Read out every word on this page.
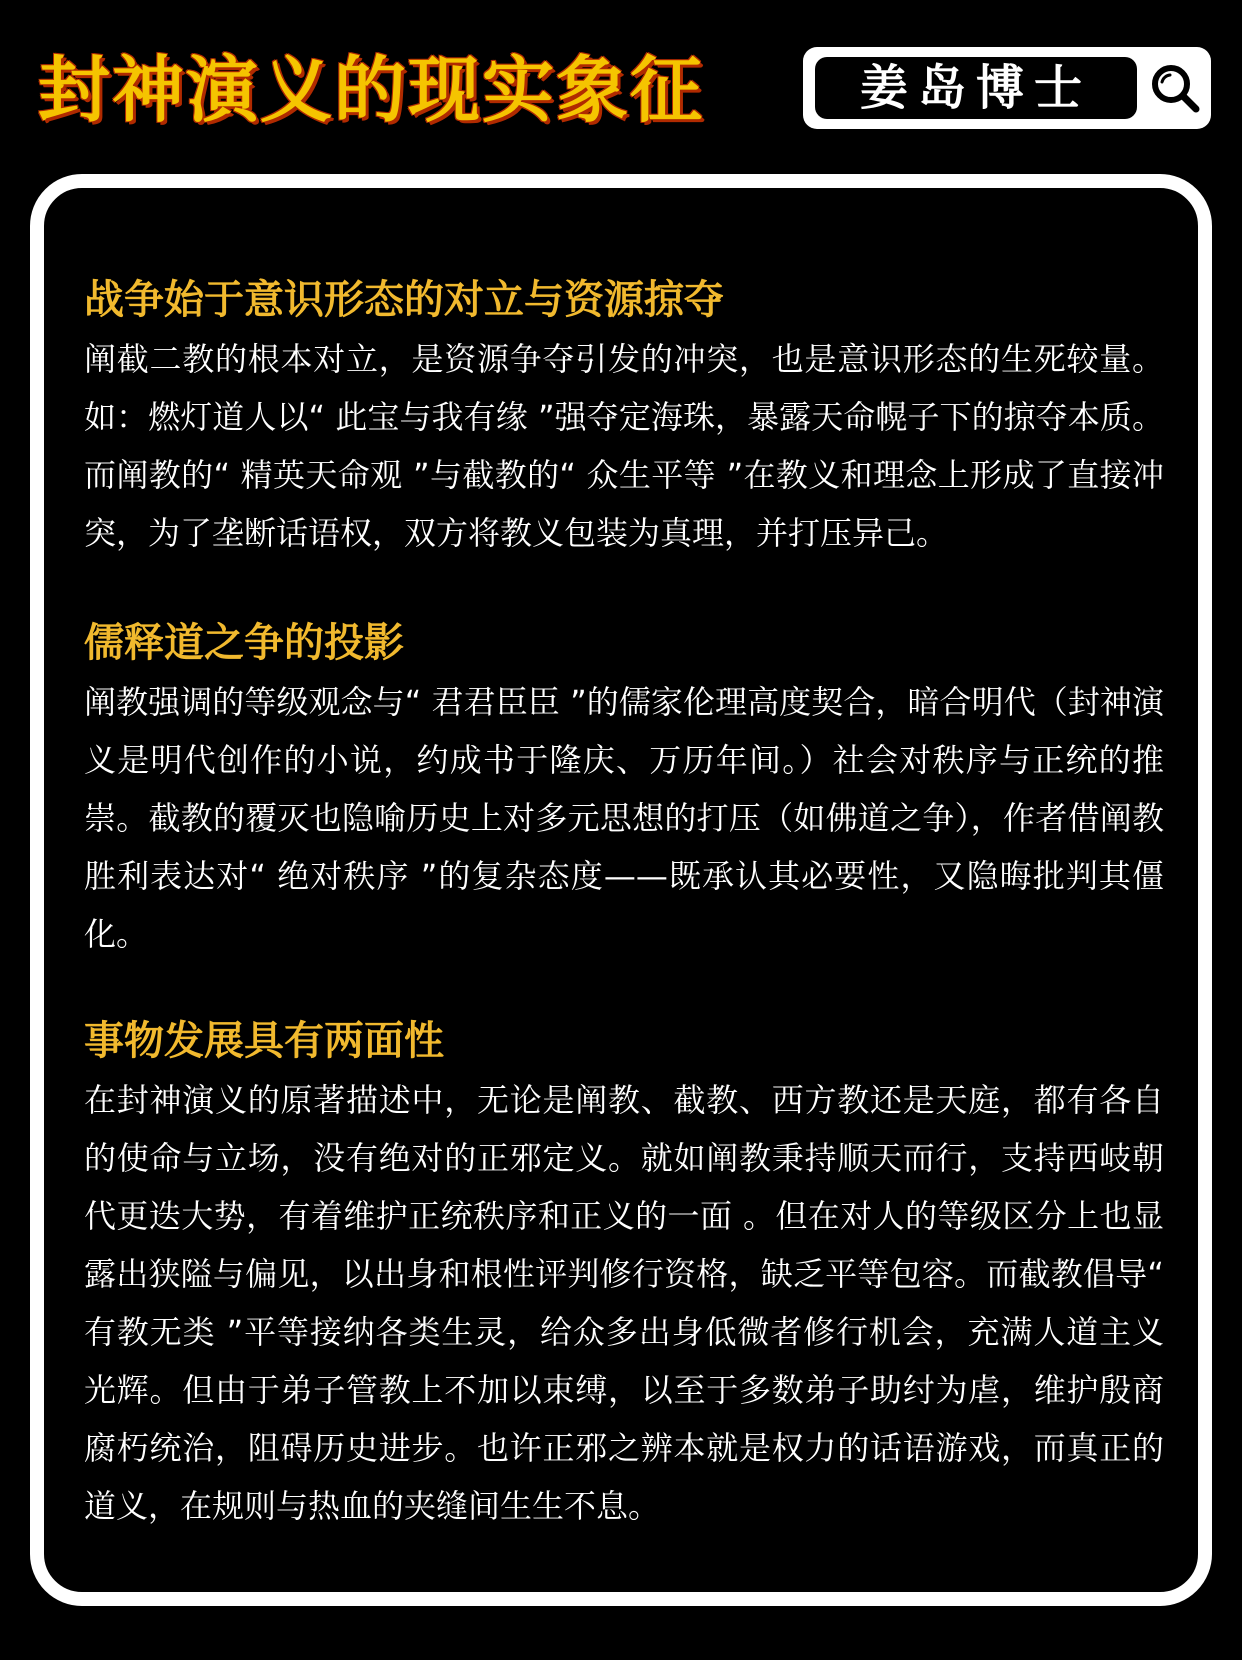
封神演义的现实象征	姜岛博士
战争始于意识形态的对立与资源掠夺

阐截二教的根本对立，是资源争夺引发的冲突，也是意识形态的生死较量。如：燃灯道人以“ 此宝与我有缘 ”强夺定海珠，暴露天命幌子下的掠夺本质。而阐教的“ 精英天命观 ”与截教的“ 众生平等 ”在教义和理念上形成了直接冲突，为了垄断话语权，双方将教义包装为真理，并打压异己。

儒释道之争的投影

阐教强调的等级观念与“ 君君臣臣 ”的儒家伦理高度契合，暗合明代（封神演义是明代创作的小说，约成书于隆庆、万历年间。）社会对秩序与正统的推崇。截教的覆灭也隐喻历史上对多元思想的打压（如佛道之争），作者借阐教胜利表达对“ 绝对秩序 ”的复杂态度——既承认其必要性，又隐晦批判其僵化。

事物发展具有两面性

在封神演义的原著描述中，无论是阐教、截教、西方教还是天庭，都有各自的使命与立场，没有绝对的正邪定义。就如阐教秉持顺天而行，支持西岐朝代更迭大势，有着维护正统秩序和正义的一面 。但在对人的等级区分上也显露出狭隘与偏见，以出身和根性评判修行资格，缺乏平等包容。而截教倡导“ 有教无类 ”平等接纳各类生灵，给众多出身低微者修行机会，充满人道主义光辉。但由于弟子管教上不加以束缚，以至于多数弟子助纣为虐，维护殷商腐朽统治，阻碍历史进步。也许正邪之辨本就是权力的话语游戏，而真正的道义，在规则与热血的夹缝间生生不息。
